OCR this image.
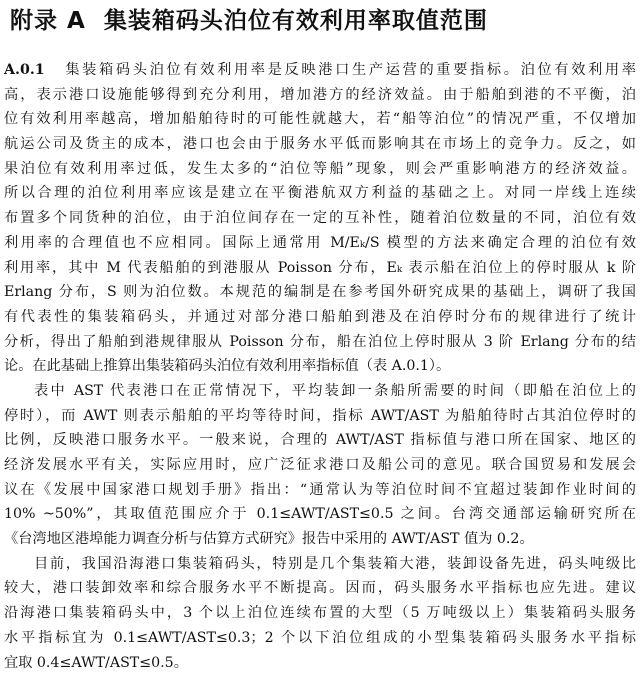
附录 A 集装箱码头泊位有效利用率取值范围
A.0.1 集装箱码头泊位有效利用率是反映港口生产运营的重要指标。泊位有效利用率
高，表示港口设施能够得到充分利用，增加港方的经济效益。由于船舶到港的不平衡，泊
位有效利用率越高，增加船舶待时的可能性就越大，若“船等泊位”的情况严重，不仅增加
航运公司及货主的成本，港口也会由于服务水平低而影响其在市场上的竞争力。反之，如
果泊位有效利用率过低，发生太多的“泊位等船”现象，则会严重影响港方的经济效益。
所以合理的泊位利用率应该是建立在平衡港航双方利益的基础之上。对同一岸线上连续
布置多个同货种的泊位，由于泊位间存在一定的互补性，随着泊位数量的不同，泊位有效
利用率的合理值也不应相同。国际上通常用 M/Eₖ/S 模型的方法来确定合理的泊位有效
利用率，其中 M 代表船舶的到港服从 Poisson 分布，Eₖ 表示船在泊位上的停时服从 k 阶
Erlang 分布，S 则为泊位数。本规范的编制是在参考国外研究成果的基础上，调研了我国
有代表性的集装箱码头，并通过对部分港口船舶到港及在泊停时分布的规律进行了统计
分析，得出了船舶到港规律服从 Poisson 分布，船在泊位上停时服从 3 阶 Erlang 分布的结
论。在此基础上推算出集装箱码头泊位有效利用率指标值（表 A.0.1）。
表中 AST 代表港口在正常情况下，平均装卸一条船所需要的时间（即船在泊位上的
停时），而 AWT 则表示船舶的平均等待时间，指标 AWT/AST 为船舶待时占其泊位停时的
比例，反映港口服务水平。一般来说，合理的 AWT/AST 指标值与港口所在国家、地区的
经济发展水平有关，实际应用时，应广泛征求港口及船公司的意见。联合国贸易和发展会
议在《发展中国家港口规划手册》指出：“通常认为等泊位时间不宜超过装卸作业时间的
10% ~50%”，其取值范围应介于 0.1≤AWT/AST≤0.5 之间。台湾交通部运输研究所在
《台湾地区港埠能力调查分析与估算方式研究》报告中采用的 AWT/AST 值为 0.2。
目前，我国沿海港口集装箱码头，特别是几个集装箱大港，装卸设备先进，码头吨级比
较大，港口装卸效率和综合服务水平不断提高。因而，码头服务水平指标也应先进。建议
沿海港口集装箱码头中，3 个以上泊位连续布置的大型（5 万吨级以上）集装箱码头服务
水平指标宜为 0.1≤AWT/AST≤0.3；2 个以下泊位组成的小型集装箱码头服务水平指标
宜取 0.4≤AWT/AST≤0.5。
